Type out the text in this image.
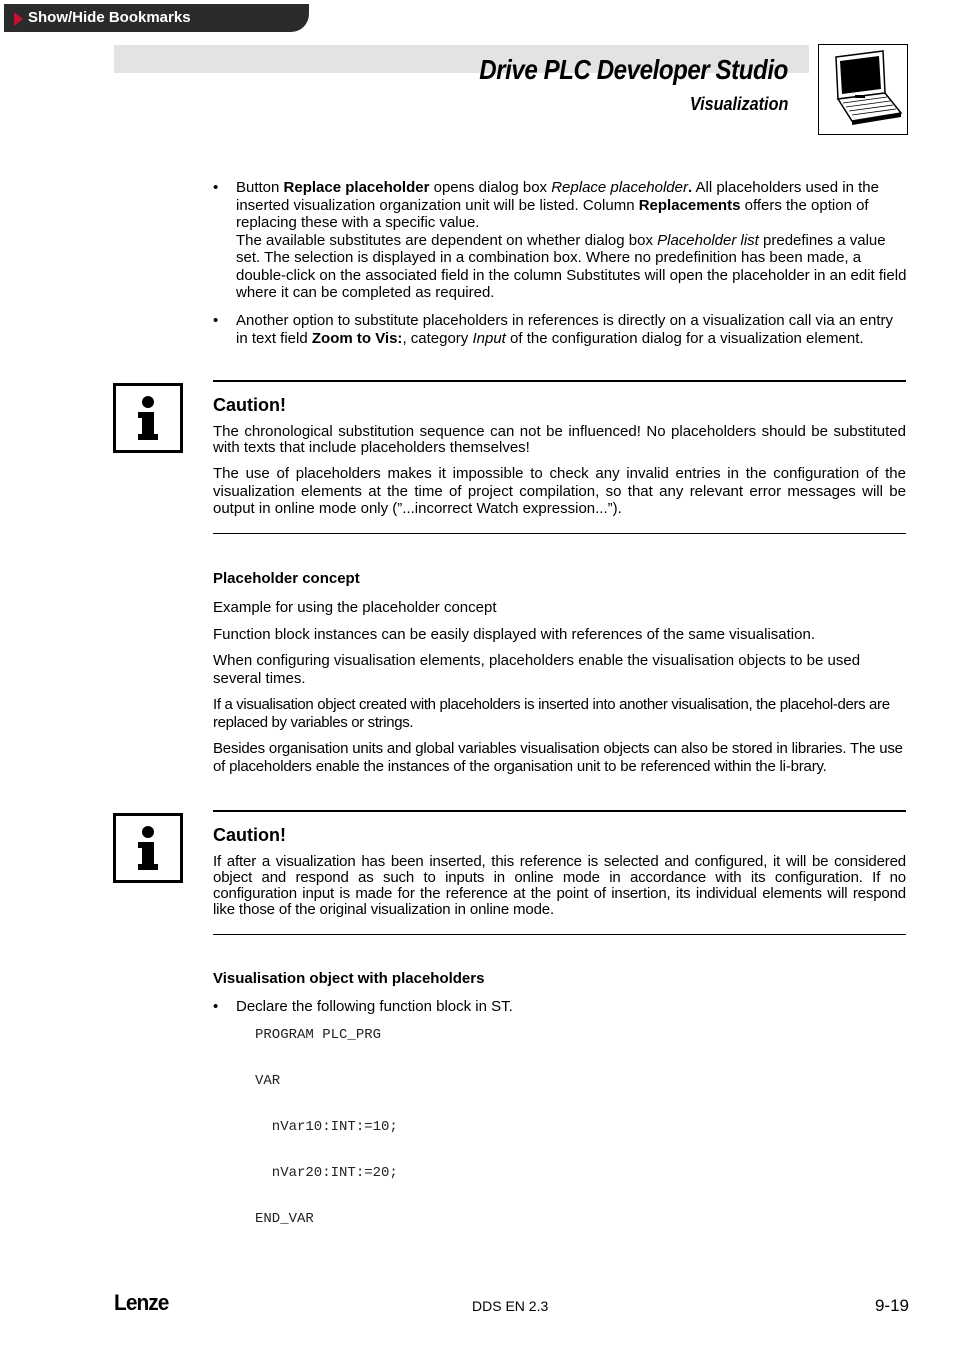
Show/Hide Bookmarks
Drive PLC Developer Studio
Visualization
• Button Replace placeholder opens dialog box Replace placeholder. All placeholders used in the inserted visualization organization unit will be listed. Column Replacements offers the option of replacing these with a specific value.
The available substitutes are dependent on whether dialog box Placeholder list predefines a value set. The selection is displayed in a combination box. Where no predefinition has been made, a double-click on the associated field in the column Substitutes will open the placeholder in an edit field where it can be completed as required.
• Another option to substitute placeholders in references is directly on a visualization call via an entry in text field Zoom to Vis:, category Input of the configuration dialog for a visualization element.
Caution!

The chronological substitution sequence can not be influenced! No placeholders should be substituted with texts that include placeholders themselves!

The use of placeholders makes it impossible to check any invalid entries in the configuration of the visualization elements at the time of project compilation, so that any relevant error messages will be output in online mode only (”...incorrect Watch expression...”).

Placeholder concept

Example for using the placeholder concept

Function block instances can be easily displayed with references of the same visualisation.

When configuring visualisation elements, placeholders enable the visualisation objects to be used several times.

If a visualisation object created with placeholders is inserted into another visualisation, the placehol-ders are replaced by variables or strings.

Besides organisation units and global variables visualisation objects can also be stored in libraries. The use of placeholders enable the instances of the organisation unit to be referenced within the li-brary.

Caution!

If after a visualization has been inserted, this reference is selected and configured, it will be considered object and respond as such to inputs in online mode in accordance with its configuration. If no configuration input is made for the reference at the point of insertion, its individual elements will respond like those of the original visualization in online mode.

Visualisation object with placeholders
• Declare the following function block in ST.
PROGRAM PLC_PRG
VAR
nVar10:INT:=10;
nVar20:INT:=20;
END_VAR
Lenze	DDS EN 2.3	9-19
